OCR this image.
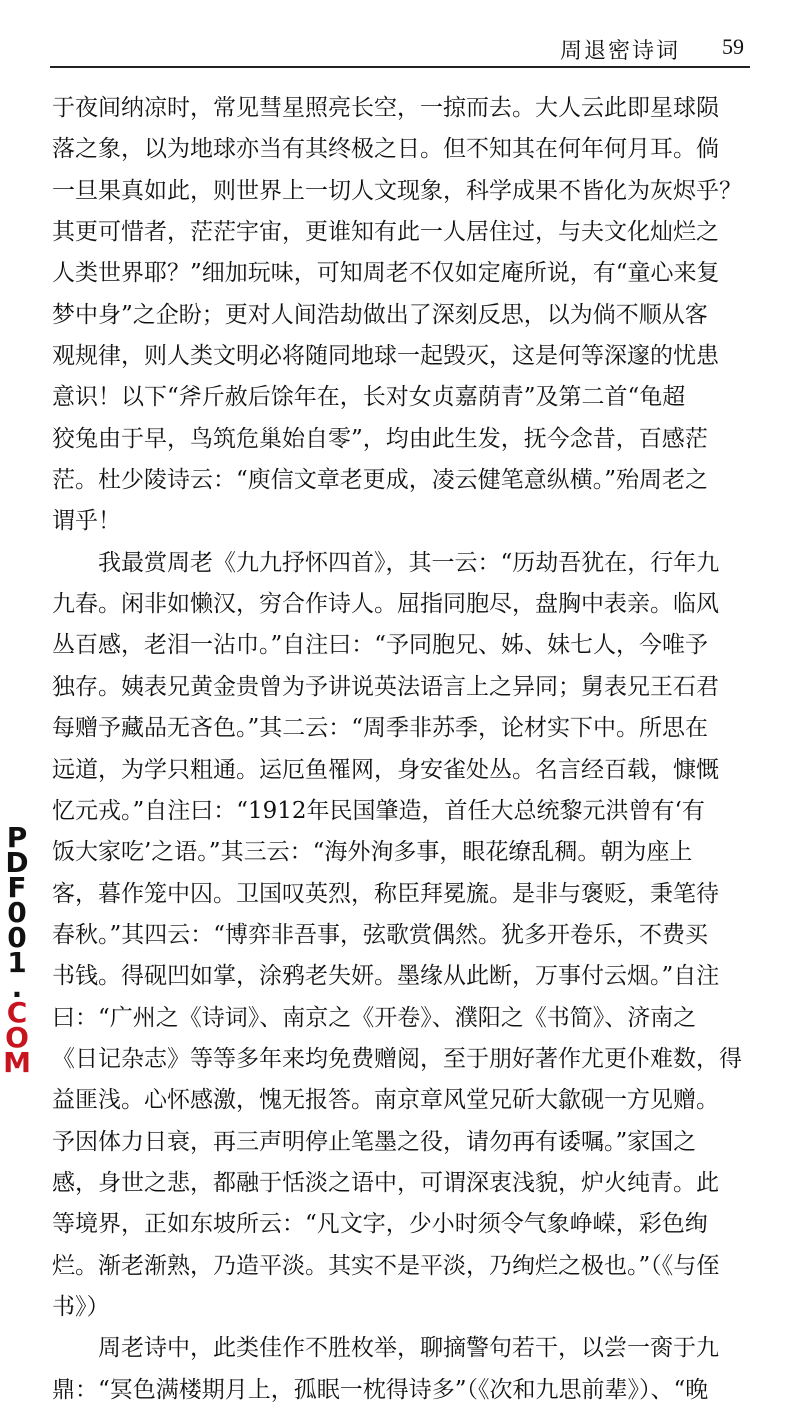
周退密诗词 59
于夜间纳凉时，常见彗星照亮长空，一掠而去。大人云此即星球陨
落之象，以为地球亦当有其终极之日。但不知其在何年何月耳。倘
一旦果真如此，则世界上一切人文现象，科学成果不皆化为灰烬乎？
其更可惜者，茫茫宇宙，更谁知有此一人居住过，与夫文化灿烂之
人类世界耶？”细加玩味，可知周老不仅如定庵所说，有“童心来复
梦中身”之企盼；更对人间浩劫做出了深刻反思，以为倘不顺从客
观规律，则人类文明必将随同地球一起毁灭，这是何等深邃的忧患
意识！以下“斧斤赦后馀年在，长对女贞嘉荫青”及第二首“龟超
狡兔由于早，鸟筑危巢始自零”，均由此生发，抚今念昔，百感茫
茫。杜少陵诗云：“庾信文章老更成，凌云健笔意纵横。”殆周老之
谓乎！
　　我最赏周老《九九抒怀四首》，其一云：“历劫吾犹在，行年九
九春。闲非如懒汉，穷合作诗人。屈指同胞尽，盘胸中表亲。临风
丛百感，老泪一沾巾。”自注曰：“予同胞兄、姊、妹七人，今唯予
独存。姨表兄黄金贵曾为予讲说英法语言上之异同；舅表兄王石君
每赠予藏品无吝色。”其二云：“周季非苏季，论材实下中。所思在
远道，为学只粗通。运厄鱼罹网，身安雀处丛。名言经百载，慷慨
忆元戎。”自注曰：“1912年民国肇造，首任大总统黎元洪曾有‘有
饭大家吃’之语。”其三云：“海外洵多事，眼花缭乱稠。朝为座上
客，暮作笼中囚。卫国叹英烈，称臣拜冕旒。是非与褒贬，秉笔待
春秋。”其四云：“博弈非吾事，弦歌赏偶然。犹多开卷乐，不费买
书钱。得砚凹如掌，涂鸦老失妍。墨缘从此断，万事付云烟。”自注
曰：“广州之《诗词》、南京之《开卷》、濮阳之《书简》、济南之
《日记杂志》等等多年来均免费赠阅，至于朋好著作尤更仆难数，得
益匪浅。心怀感激，愧无报答。南京章风堂兄斫大歙砚一方见赠。
予因体力日衰，再三声明停止笔墨之役，请勿再有诿嘱。”家国之
感，身世之悲，都融于恬淡之语中，可谓深衷浅貌，炉火纯青。此
等境界，正如东坡所云：“凡文字，少小时须令气象峥嵘，彩色绚
烂。渐老渐熟，乃造平淡。其实不是平淡，乃绚烂之极也。”（《与侄
书》）
　　周老诗中，此类佳作不胜枚举，聊摘警句若干，以尝一脔于九
鼎：“冥色满楼期月上，孤眠一枕得诗多”（《次和九思前辈》）、“晚
P
D
F
0
0
1
.
C
O
M
